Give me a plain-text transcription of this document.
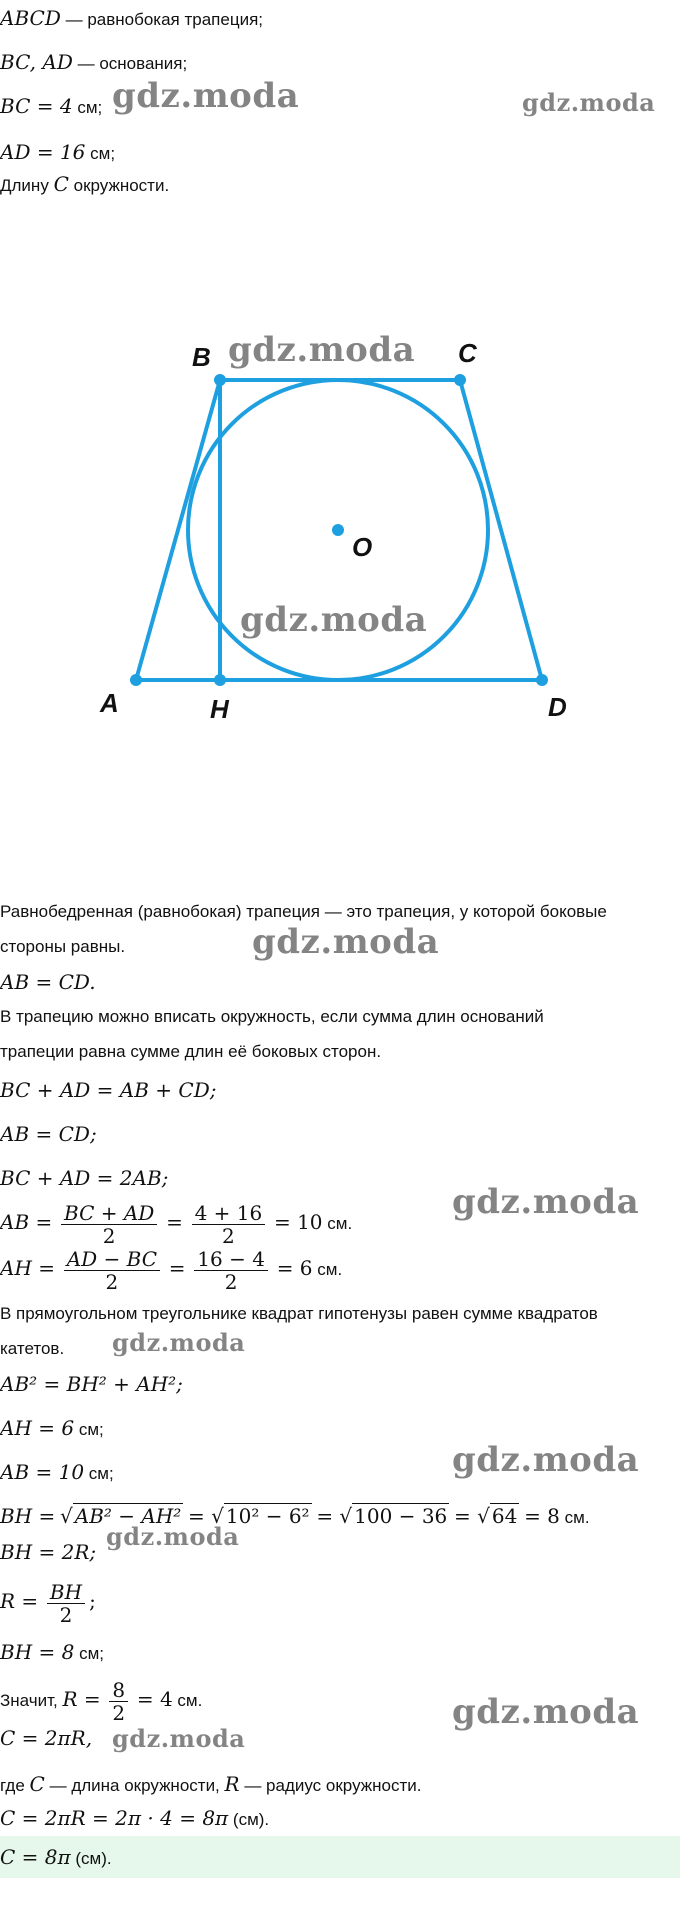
ABCD — равнобокая трапеция;
BC, AD — основания;
BC = 4 см;
AD = 16 см;
Длину C окружности.
A
B	C
D
H
O
Равнобедренная (равнобокая) трапеция — это трапеция, у которой боковые
стороны равны.
AB = CD.
В трапецию можно вписать окружность, если сумма длин оснований
трапеции равна сумме длин её боковых сторон.
BC + AD = AB + CD;
AB = CD;
BC + AD = 2AB;
AB = $\frac{BC + AD}{2} = \frac{4 + 16}{2} = 10$ см.
AH = $\frac{AD - BC}{2} = \frac{16 - 4}{2} = 6$ см.
В прямоугольном треугольнике квадрат гипотенузы равен сумме квадратов
катетов.
AB² = BH² + AH²;
AH = 6 см;
AB = 10 см;
BH = √ AB² − AH² = √ 10² − 6² = √ 100 − 36 = √ 64 = 8 см.
BH = 2R;
$R = \frac{BH}{2}$ ;
BH = 8 см;
Значит, $R = \frac{8}{2} = 4$ см.
C = 2πR,
где C — длина окружности, R — радиус окружности.
C = 2πR = 2π · 4 = 8π (см).
C = 8π (см).
gdz.moda	gdz.moda
gdz.moda
gdz.moda
gdz.moda
gdz.moda
gdz.moda
gdz.moda
gdz.moda
gdz.moda
gdz.moda
